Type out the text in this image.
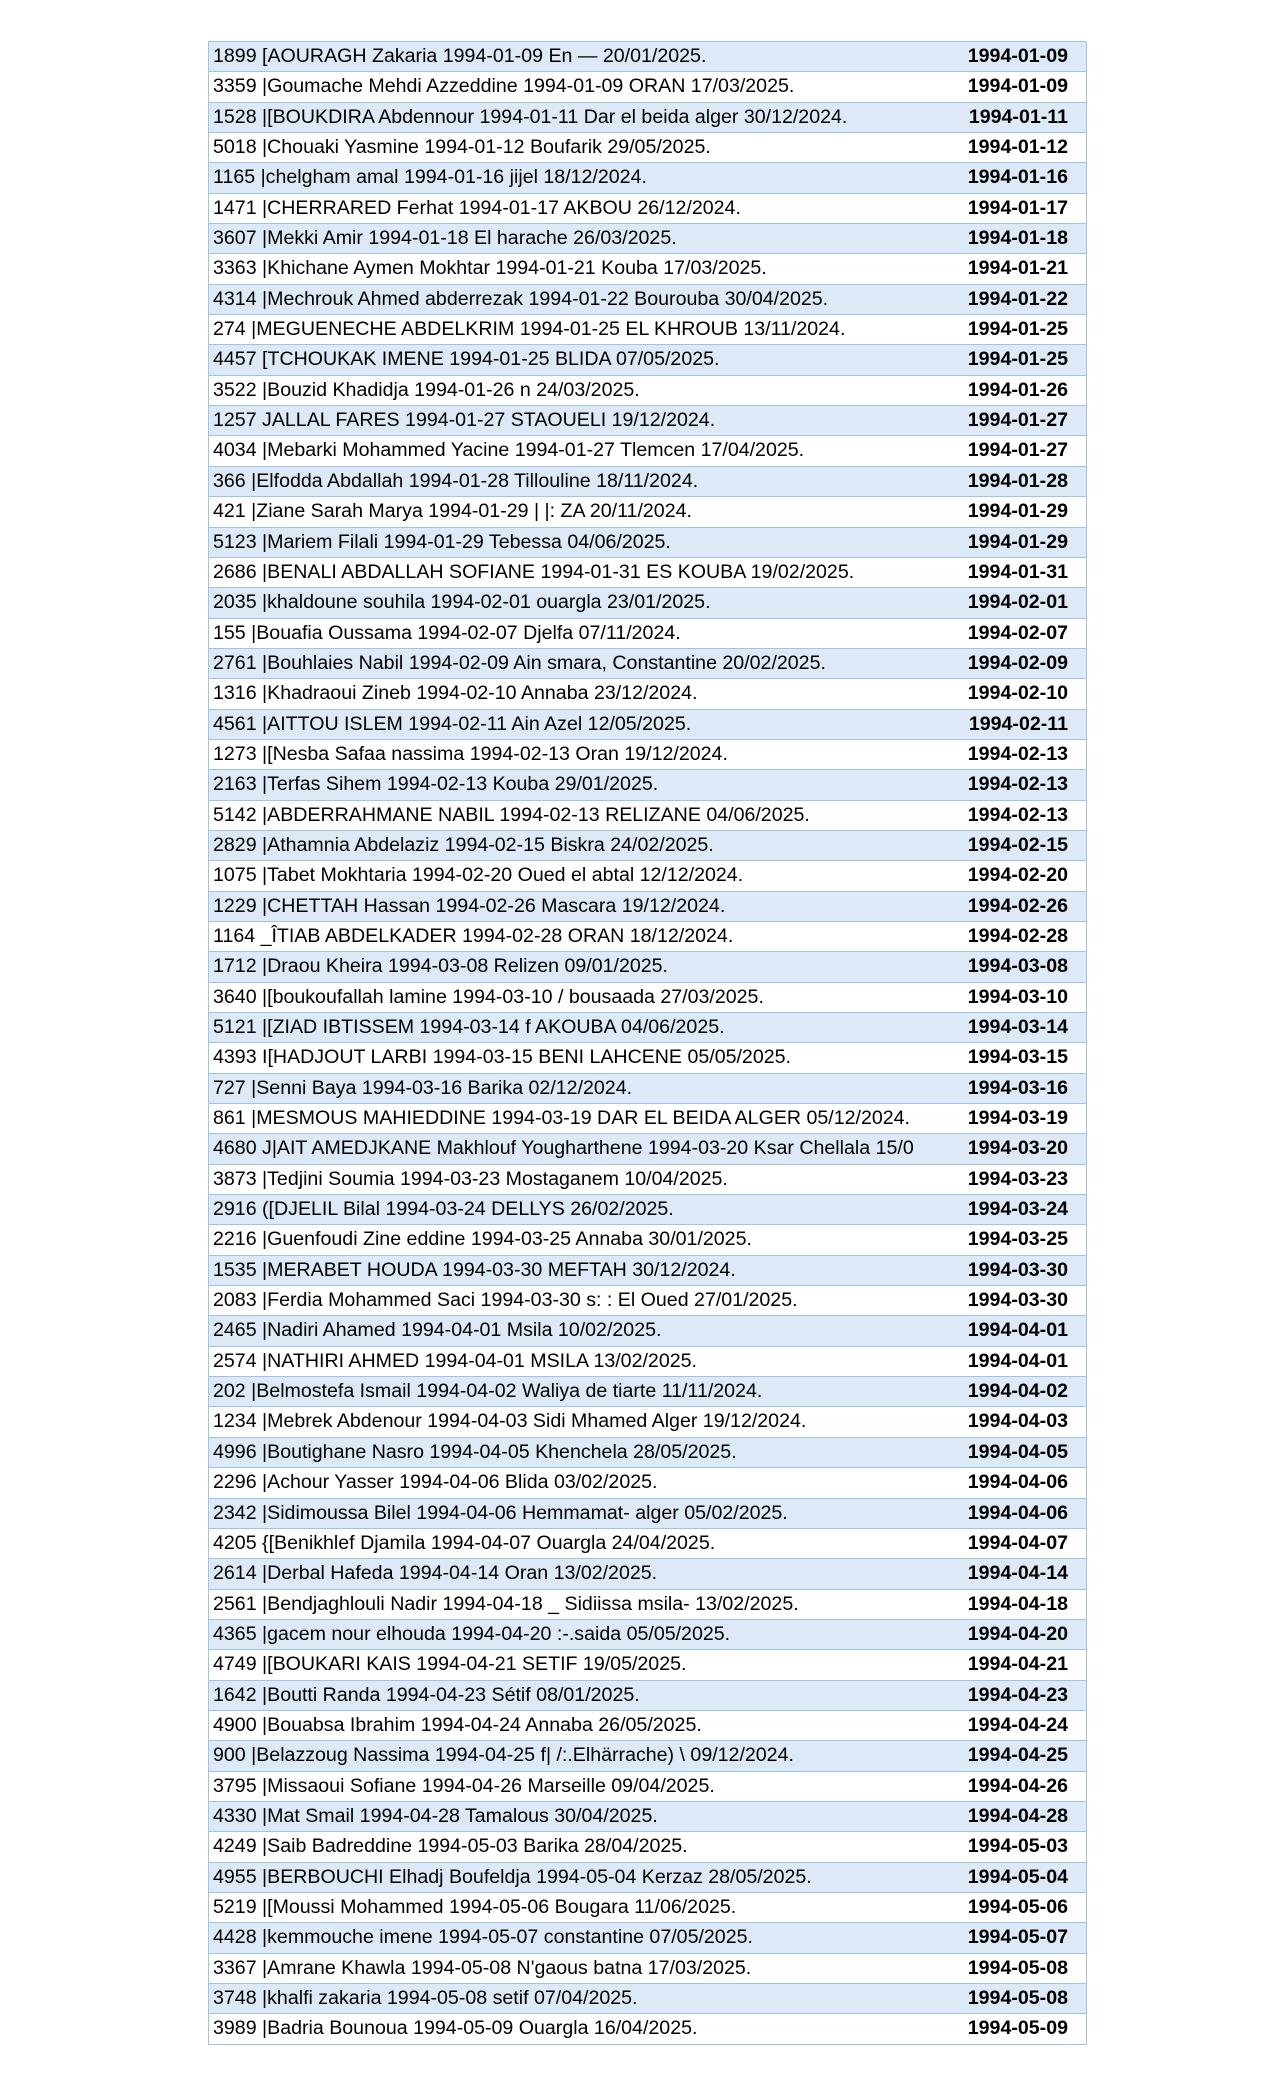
1899 [AOURAGH Zakaria 1994-01-09 En — 20/01/2025.	1994-01-09
3359 |Goumache Mehdi Azzeddine 1994-01-09 ORAN 17/03/2025.	1994-01-09
1528 |[BOUKDIRA Abdennour 1994-01-11 Dar el beida alger 30/12/2024.	1994-01-11
5018 |Chouaki Yasmine 1994-01-12 Boufarik 29/05/2025.	1994-01-12
1165 |chelgham amal 1994-01-16 jijel 18/12/2024.	1994-01-16
1471 |CHERRARED Ferhat 1994-01-17 AKBOU 26/12/2024.	1994-01-17
3607 |Mekki Amir 1994-01-18 El harache 26/03/2025.	1994-01-18
3363 |Khichane Aymen Mokhtar 1994-01-21 Kouba 17/03/2025.	1994-01-21
4314 |Mechrouk Ahmed abderrezak 1994-01-22 Bourouba 30/04/2025.	1994-01-22
274 |MEGUENECHE ABDELKRIM 1994-01-25 EL KHROUB 13/11/2024.	1994-01-25
4457 [TCHOUKAK IMENE 1994-01-25 BLIDA 07/05/2025.	1994-01-25
3522 |Bouzid Khadidja 1994-01-26 n 24/03/2025.	1994-01-26
1257 JALLAL FARES 1994-01-27 STAOUELI 19/12/2024.	1994-01-27
4034 |Mebarki Mohammed Yacine 1994-01-27 Tlemcen 17/04/2025.	1994-01-27
366 |Elfodda Abdallah 1994-01-28 Tillouline 18/11/2024.	1994-01-28
421 |Ziane Sarah Marya 1994-01-29 | |: ZA 20/11/2024.	1994-01-29
5123 |Mariem Filali 1994-01-29 Tebessa 04/06/2025.	1994-01-29
2686 |BENALI ABDALLAH SOFIANE 1994-01-31 ES KOUBA 19/02/2025.	1994-01-31
2035 |khaldoune souhila 1994-02-01 ouargla 23/01/2025.	1994-02-01
155 |Bouafia Oussama 1994-02-07 Djelfa 07/11/2024.	1994-02-07
2761 |Bouhlaies Nabil 1994-02-09 Ain smara, Constantine 20/02/2025.	1994-02-09
1316 |Khadraoui Zineb 1994-02-10 Annaba 23/12/2024.	1994-02-10
4561 |AITTOU ISLEM 1994-02-11 Ain Azel 12/05/2025.	1994-02-11
1273 |[Nesba Safaa nassima 1994-02-13 Oran 19/12/2024.	1994-02-13
2163 |Terfas Sihem 1994-02-13 Kouba 29/01/2025.	1994-02-13
5142 |ABDERRAHMANE NABIL 1994-02-13 RELIZANE 04/06/2025.	1994-02-13
2829 |Athamnia Abdelaziz 1994-02-15 Biskra 24/02/2025.	1994-02-15
1075 |Tabet Mokhtaria 1994-02-20 Oued el abtal 12/12/2024.	1994-02-20
1229 |CHETTAH Hassan 1994-02-26 Mascara 19/12/2024.	1994-02-26
1164 _ÎTIAB ABDELKADER 1994-02-28 ORAN 18/12/2024.	1994-02-28
1712 |Draou Kheira 1994-03-08 Relizen 09/01/2025.	1994-03-08
3640 |[boukoufallah lamine 1994-03-10 / bousaada 27/03/2025.	1994-03-10
5121 |[ZIAD IBTISSEM 1994-03-14 f AKOUBA 04/06/2025.	1994-03-14
4393 I[HADJOUT LARBI 1994-03-15 BENI LAHCENE 05/05/2025.	1994-03-15
727 |Senni Baya 1994-03-16 Barika 02/12/2024.	1994-03-16
861 |MESMOUS MAHIEDDINE 1994-03-19 DAR EL BEIDA ALGER 05/12/2024.	1994-03-19
4680 J|AIT AMEDJKANE Makhlouf Yougharthene 1994-03-20 Ksar Chellala 15/0	1994-03-20
3873 |Tedjini Soumia 1994-03-23 Mostaganem 10/04/2025.	1994-03-23
2916 ([DJELIL Bilal 1994-03-24 DELLYS 26/02/2025.	1994-03-24
2216 |Guenfoudi Zine eddine 1994-03-25 Annaba 30/01/2025.	1994-03-25
1535 |MERABET HOUDA 1994-03-30 MEFTAH 30/12/2024.	1994-03-30
2083 |Ferdia Mohammed Saci 1994-03-30 s: : El Oued 27/01/2025.	1994-03-30
2465 |Nadiri Ahamed 1994-04-01 Msila 10/02/2025.	1994-04-01
2574 |NATHIRI AHMED 1994-04-01 MSILA 13/02/2025.	1994-04-01
202 |Belmostefa Ismail 1994-04-02 Waliya de tiarte 11/11/2024.	1994-04-02
1234 |Mebrek Abdenour 1994-04-03 Sidi Mhamed Alger 19/12/2024.	1994-04-03
4996 |Boutighane Nasro 1994-04-05 Khenchela 28/05/2025.	1994-04-05
2296 |Achour Yasser 1994-04-06 Blida 03/02/2025.	1994-04-06
2342 |Sidimoussa Bilel 1994-04-06 Hemmamat- alger 05/02/2025.	1994-04-06
4205 {[Benikhlef Djamila 1994-04-07 Ouargla 24/04/2025.	1994-04-07
2614 |Derbal Hafeda 1994-04-14 Oran 13/02/2025.	1994-04-14
2561 |Bendjaghlouli Nadir 1994-04-18 _ Sidiissa msila- 13/02/2025.	1994-04-18
4365 |gacem nour elhouda 1994-04-20 :-.saida 05/05/2025.	1994-04-20
4749 |[BOUKARI KAIS 1994-04-21 SETIF 19/05/2025.	1994-04-21
1642 |Boutti Randa 1994-04-23 Sétif 08/01/2025.	1994-04-23
4900 |Bouabsa Ibrahim 1994-04-24 Annaba 26/05/2025.	1994-04-24
900 |Belazzoug Nassima 1994-04-25 f| /:.Elhärrache) \ 09/12/2024.	1994-04-25
3795 |Missaoui Sofiane 1994-04-26 Marseille 09/04/2025.	1994-04-26
4330 |Mat Smail 1994-04-28 Tamalous 30/04/2025.	1994-04-28
4249 |Saib Badreddine 1994-05-03 Barika 28/04/2025.	1994-05-03
4955 |BERBOUCHI Elhadj Boufeldja 1994-05-04 Kerzaz 28/05/2025.	1994-05-04
5219 |[Moussi Mohammed 1994-05-06 Bougara 11/06/2025.	1994-05-06
4428 |kemmouche imene 1994-05-07 constantine 07/05/2025.	1994-05-07
3367 |Amrane Khawla 1994-05-08 N'gaous batna 17/03/2025.	1994-05-08
3748 |khalfi zakaria 1994-05-08 setif 07/04/2025.	1994-05-08
3989 |Badria Bounoua 1994-05-09 Ouargla 16/04/2025.	1994-05-09
